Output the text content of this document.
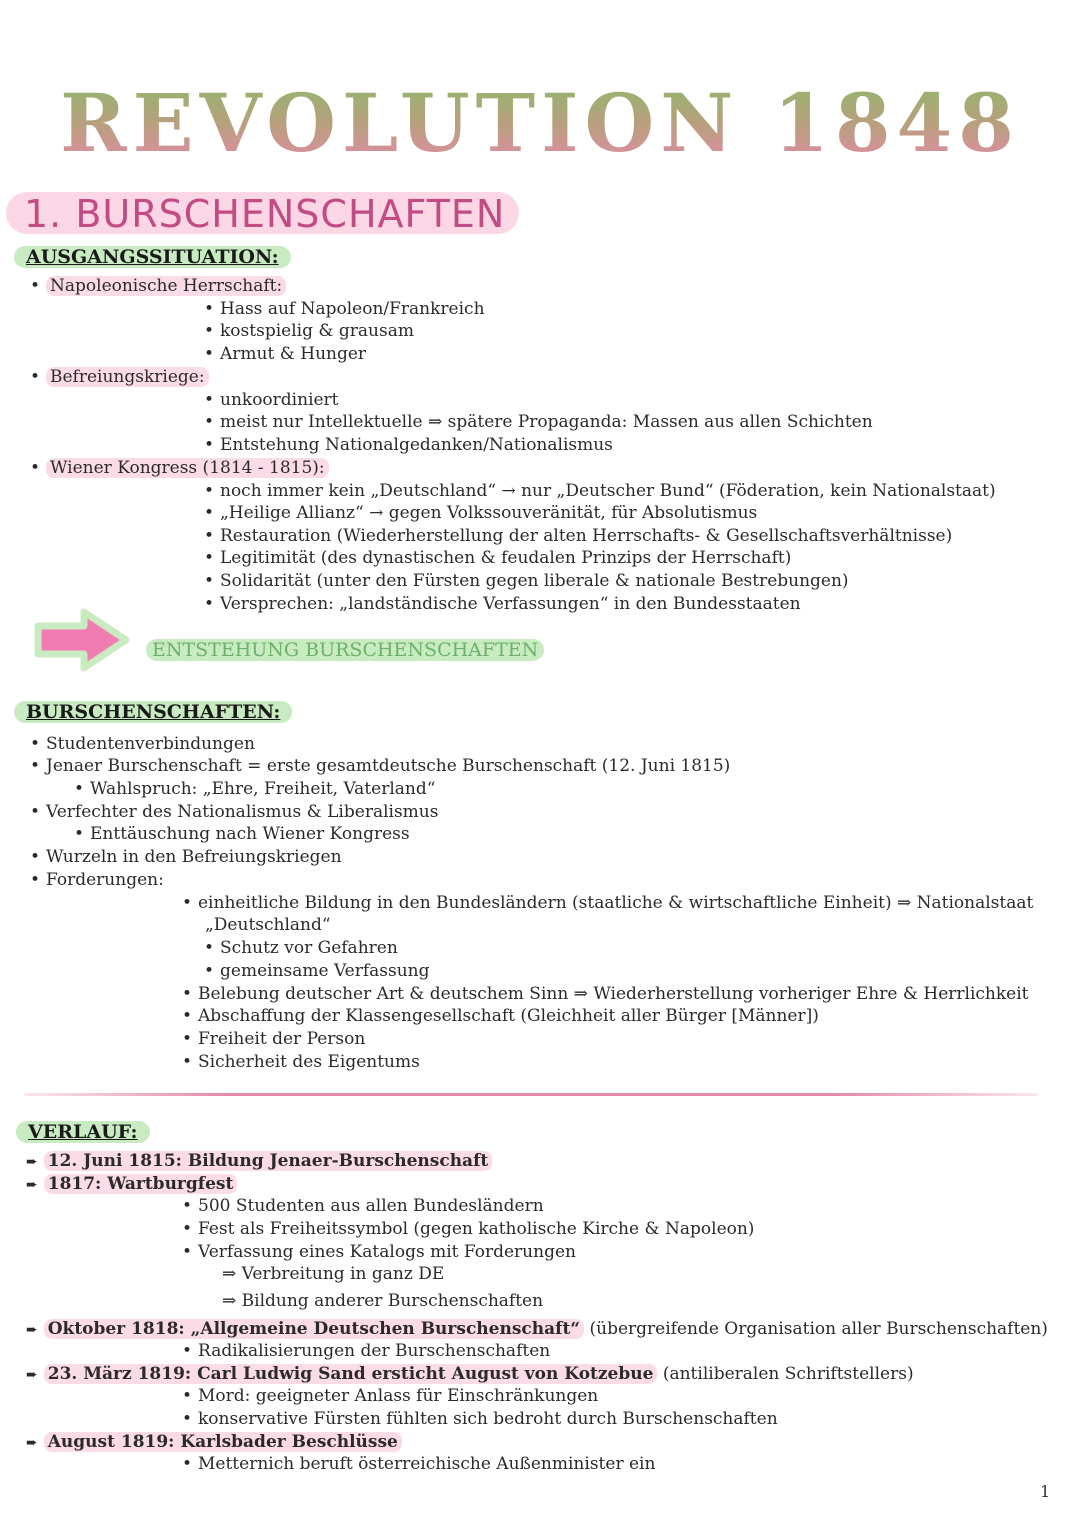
REVOLUTION 1848
1. BURSCHENSCHAFTEN
AUSGANGSSITUATION:
• Napoleonische Herrschaft:
• Hass auf Napoleon/Frankreich
• kostspielig & grausam
• Armut & Hunger
• Befreiungskriege:
• unkoordiniert
• meist nur Intellektuelle ⇒ spätere Propaganda: Massen aus allen Schichten
• Entstehung Nationalgedanken/Nationalismus
• Wiener Kongress (1814 - 1815):
• noch immer kein „Deutschland“ → nur „Deutscher Bund“ (Föderation, kein Nationalstaat)
• „Heilige Allianz“ → gegen Volkssouveränität, für Absolutismus
• Restauration (Wiederherstellung der alten Herrschafts- & Gesellschaftsverhältnisse)
• Legitimität (des dynastischen & feudalen Prinzips der Herrschaft)
• Solidarität (unter den Fürsten gegen liberale & nationale Bestrebungen)
• Versprechen: „landständische Verfassungen“ in den Bundesstaaten
ENTSTEHUNG BURSCHENSCHAFTEN
BURSCHENSCHAFTEN:
• Studentenverbindungen
• Jenaer Burschenschaft = erste gesamtdeutsche Burschenschaft (12. Juni 1815)
• Wahlspruch: „Ehre, Freiheit, Vaterland“
• Verfechter des Nationalismus & Liberalismus
• Enttäuschung nach Wiener Kongress
• Wurzeln in den Befreiungskriegen
• Forderungen:
• einheitliche Bildung in den Bundesländern (staatliche & wirtschaftliche Einheit) ⇒ Nationalstaat
„Deutschland“
• Schutz vor Gefahren
• gemeinsame Verfassung
• Belebung deutscher Art & deutschem Sinn ⇒ Wiederherstellung vorheriger Ehre & Herrlichkeit
• Abschaffung der Klassengesellschaft (Gleichheit aller Bürger [Männer])
• Freiheit der Person
• Sicherheit des Eigentums
VERLAUF:
➨ 12. Juni 1815: Bildung Jenaer-Burschenschaft
➨ 1817: Wartburgfest
• 500 Studenten aus allen Bundesländern
• Fest als Freiheitssymbol (gegen katholische Kirche & Napoleon)
• Verfassung eines Katalogs mit Forderungen
⇒ Verbreitung in ganz DE
⇒ Bildung anderer Burschenschaften
➨ Oktober 1818: „Allgemeine Deutschen Burschenschaft“ (übergreifende Organisation aller Burschenschaften)
• Radikalisierungen der Burschenschaften
➨ 23. März 1819: Carl Ludwig Sand ersticht August von Kotzebue (antiliberalen Schriftstellers)
• Mord: geeigneter Anlass für Einschränkungen
• konservative Fürsten fühlten sich bedroht durch Burschenschaften
➨ August 1819: Karlsbader Beschlüsse
• Metternich beruft österreichische Außenminister ein
1
